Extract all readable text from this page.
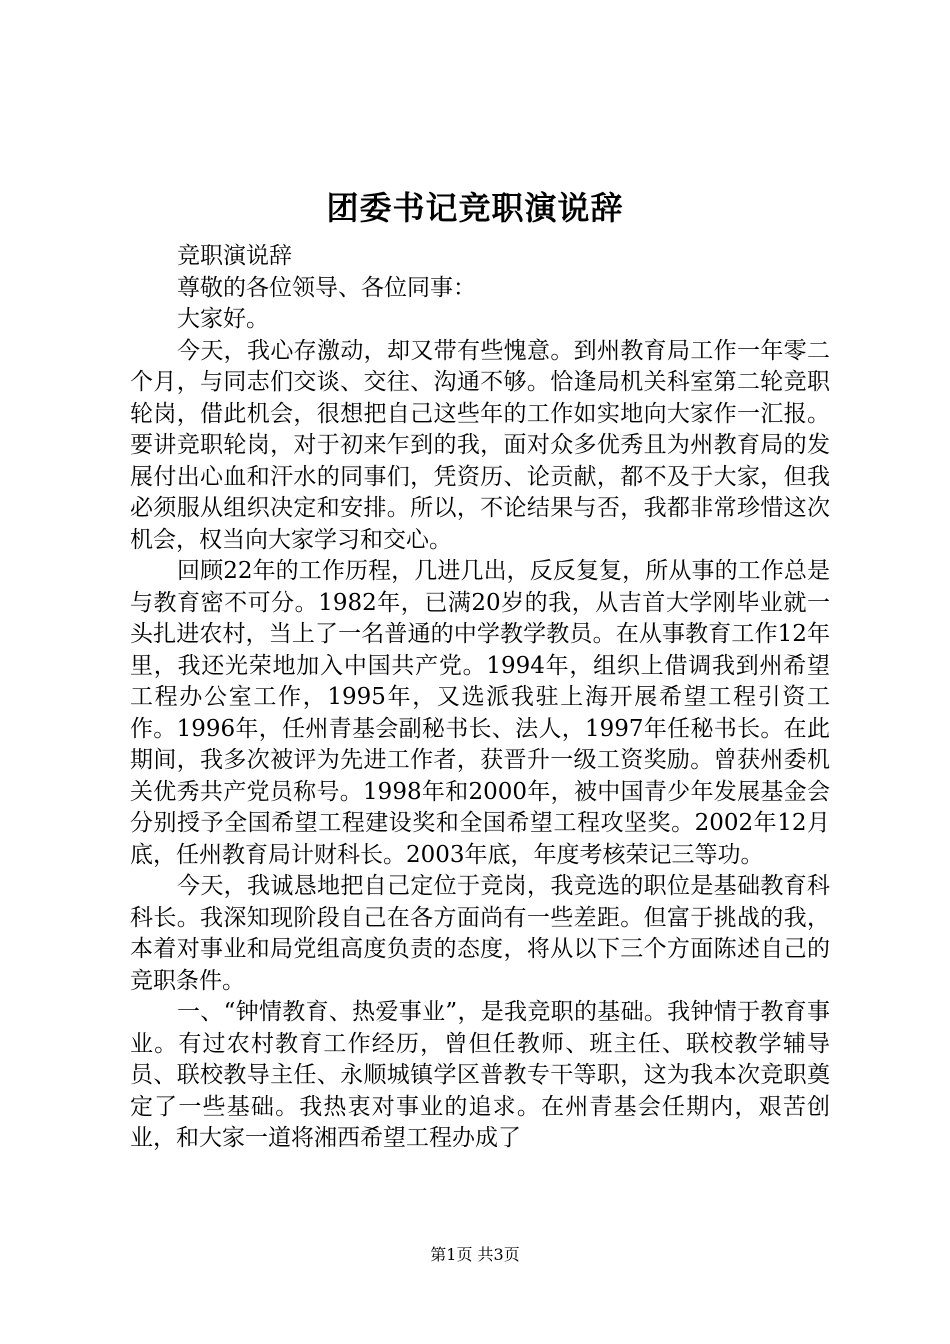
团委书记竞职演说辞

竞职演说辞

尊敬的各位领导、各位同事：

大家好。

今天，我心存激动，却又带有些愧意。到州教育局工作一年零二个月，与同志们交谈、交往、沟通不够。恰逢局机关科室第二轮竞职轮岗，借此机会，很想把自己这些年的工作如实地向大家作一汇报。要讲竞职轮岗，对于初来乍到的我，面对众多优秀且为州教育局的发展付出心血和汗水的同事们，凭资历、论贡献，都不及于大家，但我必须服从组织决定和安排。所以，不论结果与否，我都非常珍惜这次机会，权当向大家学习和交心。

回顾22年的工作历程，几进几出，反反复复，所从事的工作总是与教育密不可分。1982年，已满20岁的我，从吉首大学刚毕业就一头扎进农村，当上了一名普通的中学教学教员。在从事教育工作12年里，我还光荣地加入中国共产党。1994年，组织上借调我到州希望工程办公室工作，1995年，又选派我驻上海开展希望工程引资工作。1996年，任州青基会副秘书长、法人，1997年任秘书长。在此期间，我多次被评为先进工作者，获晋升一级工资奖励。曾获州委机关优秀共产党员称号。1998年和2000年，被中国青少年发展基金会分别授予全国希望工程建设奖和全国希望工程攻坚奖。2002年12月底，任州教育局计财科长。2003年底，年度考核荣记三等功。

今天，我诚恳地把自己定位于竞岗，我竞选的职位是基础教育科科长。我深知现阶段自己在各方面尚有一些差距。但富于挑战的我，本着对事业和局党组高度负责的态度，将从以下三个方面陈述自己的竞职条件。

一、“钟情教育、热爱事业”，是我竞职的基础。我钟情于教育事业。有过农村教育工作经历，曾但任教师、班主任、联校教学辅导员、联校教导主任、永顺城镇学区普教专干等职，这为我本次竞职奠定了一些基础。我热衷对事业的追求。在州青基会任期内，艰苦创业，和大家一道将湘西希望工程办成了

第1页 共3页
